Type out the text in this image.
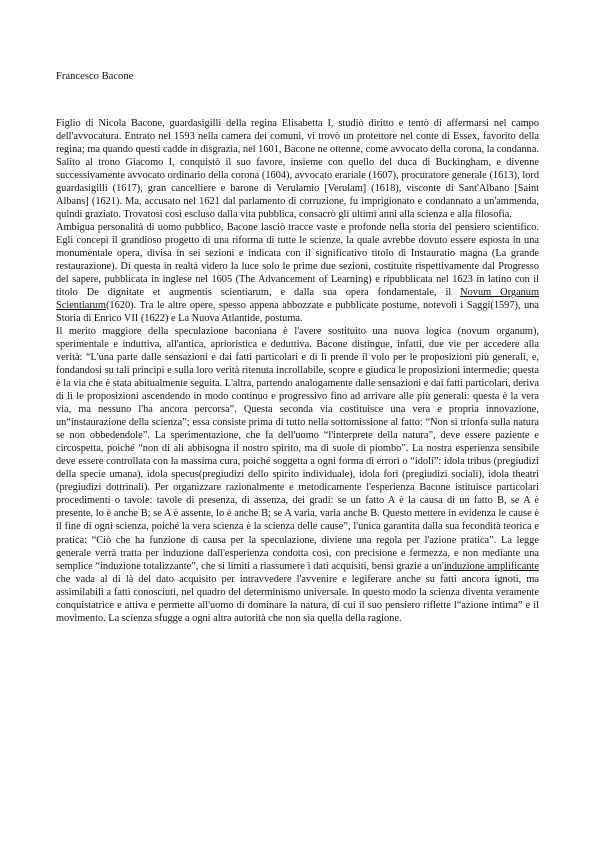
Francesco Bacone

Figlio di Nicola Bacone, guardasigilli della regina Elisabetta I, studiò diritto e tentò di affermarsi nel campo dell'avvocatura. Entrato nel 1593 nella camera dei comuni, vi trovò un protettore nel conte di Essex, favorito della regina; ma quando questi cadde in disgrazia, nel 1601, Bacone ne ottenne, come avvocato della corona, la condanna. Salito al trono Giacomo I, conquistò il suo favore, insieme con quello del duca di Buckingham, e divenne successivamente avvocato ordinario della corona (1604), avvocato erariale (1607), procuratore generale (1613), lord guardasigilli (1617), gran cancelliere e barone di Verulamio [Verulam] (1618), visconte di Sant'Albano [Saint Albans] (1621). Ma, accusato nel 1621 dal parlamento di corruzione, fu imprigionato e condannato a un'ammenda, quindi graziato. Trovatosi così escluso dalla vita pubblica, consacrò gli ultimi anni alla scienza e alla filosofia.

Ambigua personalità di uomo pubblico, Bacone lasciò tracce vaste e profonde nella storia del pensiero scientifico. Egli concepì il grandioso progetto di una riforma di tutte le scienze, la quale avrebbe dovuto essere esposta in una monumentale opera, divisa in sei sezioni e indicata con il significativo titolo di Instauratio magna (La grande restaurazione). Di questa in realtà videro la luce solo le prime due sezioni, costituite rispettivamente dal Progresso del sapere, pubblicata in inglese nel 1605 (The Advancement of Learning) e ripubblicata nel 1623 in latino con il titolo De dignitate et augmentis scientiarum, e dalla sua opera fondamentale, il Novum Organum Scientiarum(1620). Tra le altre opere, spesso appena abbozzate e pubblicate postume, notevoli i Saggi(1597), una Storia di Enrico VII (1622) e La Nuova Atlantide, postuma.

Il merito maggiore della speculazione baconiana è l'avere sostituito una nuova logica (novum organum), sperimentale e induttiva, all'antica, aprioristica e deduttiva. Bacone distingue, infatti, due vie per accedere alla verità: “L'una parte dalle sensazioni e dai fatti particolari e di lì prende il volo per le proposizioni più generali, e, fondandosi su tali principi e sulla loro verità ritenuta incrollabile, scopre e giudica le proposizioni intermedie; questa è la via che è stata abitualmente seguita. L'altra, partendo analogamente dalle sensazioni e dai fatti particolari, deriva di lì le proposizioni ascendendo in modo continuo e progressivo fino ad arrivare alle più generali: questa è la vera via, ma nessuno l'ha ancora percorsa”. Questa seconda via costituisce una vera e propria innovazione, un“instaurazione della scienza”; essa consiste prima di tutto nella sottomissione al fatto: “Non si trionfa sulla natura se non obbedendole”. La sperimentazione, che fa dell'uomo “l'interprete della natura”, deve essere paziente e circospetta, poiché “non di ali abbisogna il nostro spirito, ma di suole di piombo”. La nostra esperienza sensibile deve essere controllata con la massima cura, poiché soggetta a ogni forma di errori o “idoli”: idola tribus (pregiudizi della specie umana), idola specus(pregiudizi dello spirito individuale), idola fori (pregiudizi sociali), idola theatri (pregiudizi dottrinali). Per organizzare razionalmente e metodicamente l'esperienza Bacone istituisce particolari procedimenti o tavole: tavole di presenza, di assenza, dei gradi: se un fatto A è la causa di un fatto B, se A è presente, lo è anche B; se A è assente, lo è anche B; se A varia, varia anche B. Questo mettere in evidenza le cause è il fine di ogni scienza, poiché la vera scienza è la scienza delle cause”, l'unica garantita dalla sua fecondità teorica e pratica: “Ciò che ha funzione di causa per la speculazione, diviene una regola per l'azione pratica”. La legge generale verrà tratta per induzione dall'esperienza condotta così, con precisione e fermezza, e non mediante una semplice “induzione totalizzante”, che si limiti a riassumere i dati acquisiti, bensì grazie a un'induzione amplificante che vada al di là del dato acquisito per intravvedere l'avvenire e legiferare anche su fatti ancora ignoti, ma assimilabili a fatti conosciuti, nel quadro del determinismo universale. In questo modo la scienza diventa veramente conquistatrice e attiva e permette all'uomo di dominare la natura, di cui il suo pensiero riflette l“azione intima” e il movimento. La scienza sfugge a ogni altra autorità che non sia quella della ragione.
